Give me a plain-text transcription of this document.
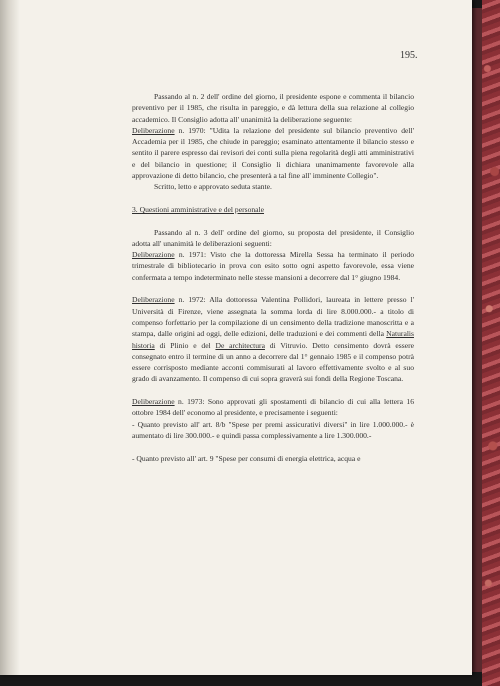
195.

Passando al n. 2 dell' ordine del giorno, il presidente espone e commenta il bilancio preventivo per il 1985, che risulta in pareggio, e dà lettura della sua relazione al collegio accademico. Il Consiglio adotta all' unanimità la deliberazione seguente:

Deliberazione n. 1970: "Udita la relazione del presidente sul bilancio preventivo dell' Accademia per il 1985, che chiude in pareggio; esaminato attentamente il bilancio stesso e sentito il parere espresso dai revisori dei conti sulla piena regolarità degli atti amministrativi e del bilancio in questione; il Consiglio li dichiara unanimamente favorevole alla approvazione di detto bilancio, che presenterà a tal fine all' imminente Collegio".

Scritto, letto e approvato seduta stante.

3. Questioni amministrative e del personale

Passando al n. 3 dell' ordine del giorno, su proposta del presidente, il Consiglio adotta all' unanimità le deliberazioni seguenti:

Deliberazione n. 1971: Visto che la dottoressa Mirella Sessa ha terminato il periodo trimestrale di bibliotecario in prova con esito sotto ogni aspetto favorevole, essa viene confermata a tempo indeterminato nelle stesse mansioni a decorrere dal 1° giugno 1984.

Deliberazione n. 1972: Alla dottoressa Valentina Pollidori, laureata in lettere presso l' Università di Firenze, viene assegnata la somma lorda di lire 8.000.000.- a titolo di compenso forfettario per la compilazione di un censimento della tradizione manoscritta e a stampa, dalle origini ad oggi, delle edizioni, delle traduzioni e dei commenti della Naturalis historia di Plinio e del De architectura di Vitruvio. Detto censimento dovrà essere consegnato entro il termine di un anno a decorrere dal 1° gennaio 1985 e il compenso potrà essere corrisposto mediante acconti commisurati al lavoro effettivamente svolto e al suo grado di avanzamento. Il compenso di cui sopra graverà sui fondi della Regione Toscana.

Deliberazione n. 1973: Sono approvati gli spostamenti di bilancio di cui alla lettera 16 ottobre 1984 dell' economo al presidente, e precisamente i seguenti:

- Quanto previsto all' art. 8/b "Spese per premi assicurativi diversi" in lire 1.000.000.- è aumentato di lire 300.000.- e quindi passa complessivamente a lire 1.300.000.-

- Quanto previsto all' art. 9 "Spese per consumi di energia elettrica, acqua e
